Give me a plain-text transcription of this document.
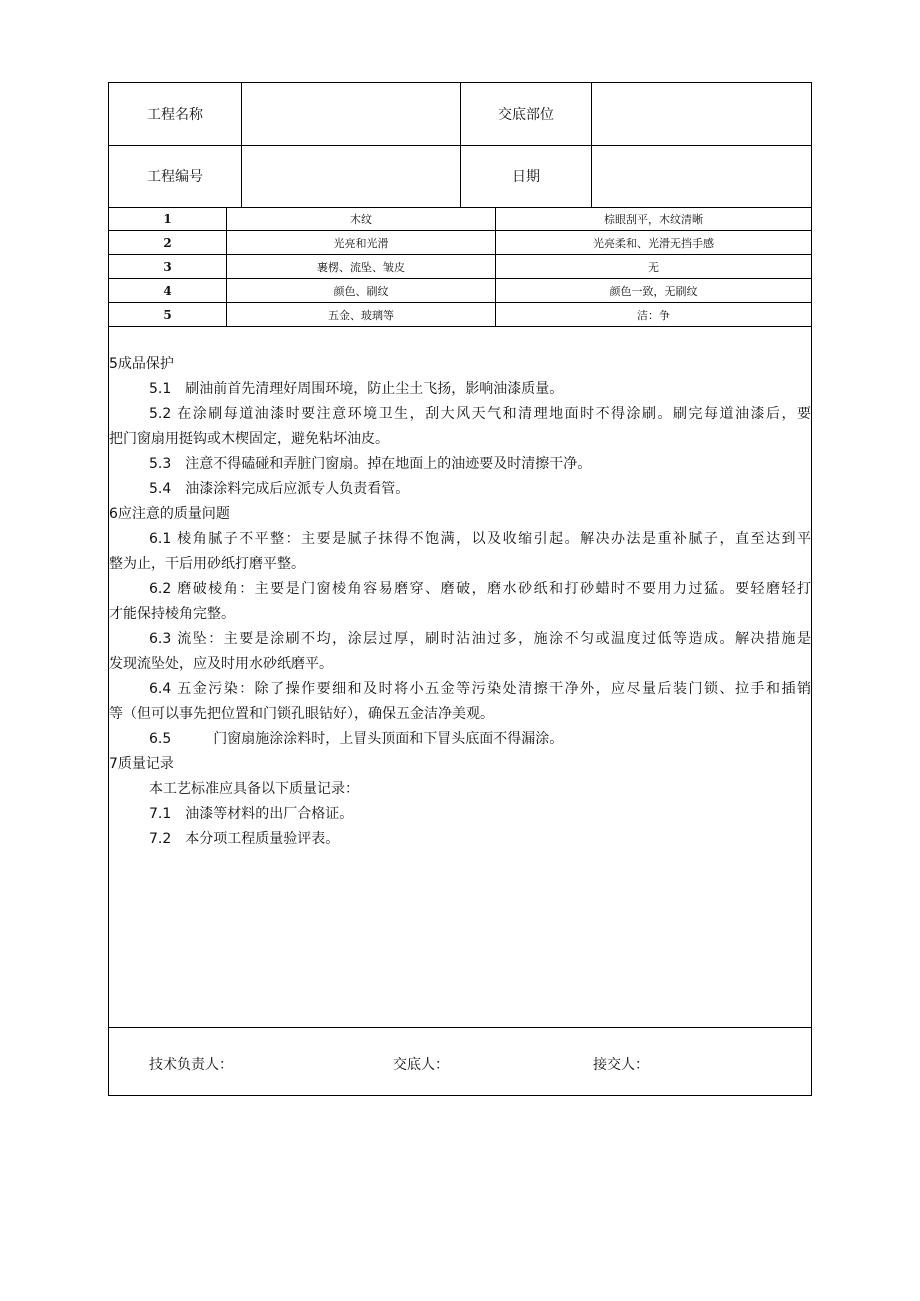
工程名称	交底部位
工程编号	日期
1	木纹	棕眼刮平，木纹清晰
2	光亮和光滑	光亮柔和、光滑无挡手感
3	裹楞、流坠、皱皮	无
4	颜色、刷纹	颜色一致，无刷纹
5	五金、玻璃等	洁：争
5成品保护
5.1　刷油前首先清理好周围环境，防止尘土飞扬，影响油漆质量。
5.2 在涂刷每道油漆时要注意环境卫生，刮大风天气和清理地面时不得涂刷。刷完每道油漆后，要
把门窗扇用挺钩或木楔固定，避免粘坏油皮。
5.3　注意不得磕碰和弄脏门窗扇。掉在地面上的油迹要及时清擦干净。
5.4　油漆涂料完成后应派专人负责看管。
6应注意的质量问题
6.1 棱角腻子不平整：主要是腻子抹得不饱满，以及收缩引起。解决办法是重补腻子，直至达到平
整为止，干后用砂纸打磨平整。
6.2 磨破棱角：主要是门窗棱角容易磨穿、磨破，磨水砂纸和打砂蜡时不要用力过猛。要轻磨轻打
才能保持棱角完整。
6.3 流坠：主要是涂刷不均，涂层过厚，刷时沾油过多，施涂不匀或温度过低等造成。解决措施是
发现流坠处，应及时用水砂纸磨平。
6.4 五金污染：除了操作要细和及时将小五金等污染处清擦干净外，应尽量后装门锁、拉手和插销
等（但可以事先把位置和门锁孔眼钻好），确保五金洁净美观。
6.5　　　门窗扇施涂涂料时，上冒头顶面和下冒头底面不得漏涂。
7质量记录
本工艺标准应具备以下质量记录：
7.1　油漆等材料的出厂合格证。
7.2　本分项工程质量验评表。
技术负责人：	交底人：	接交人：
